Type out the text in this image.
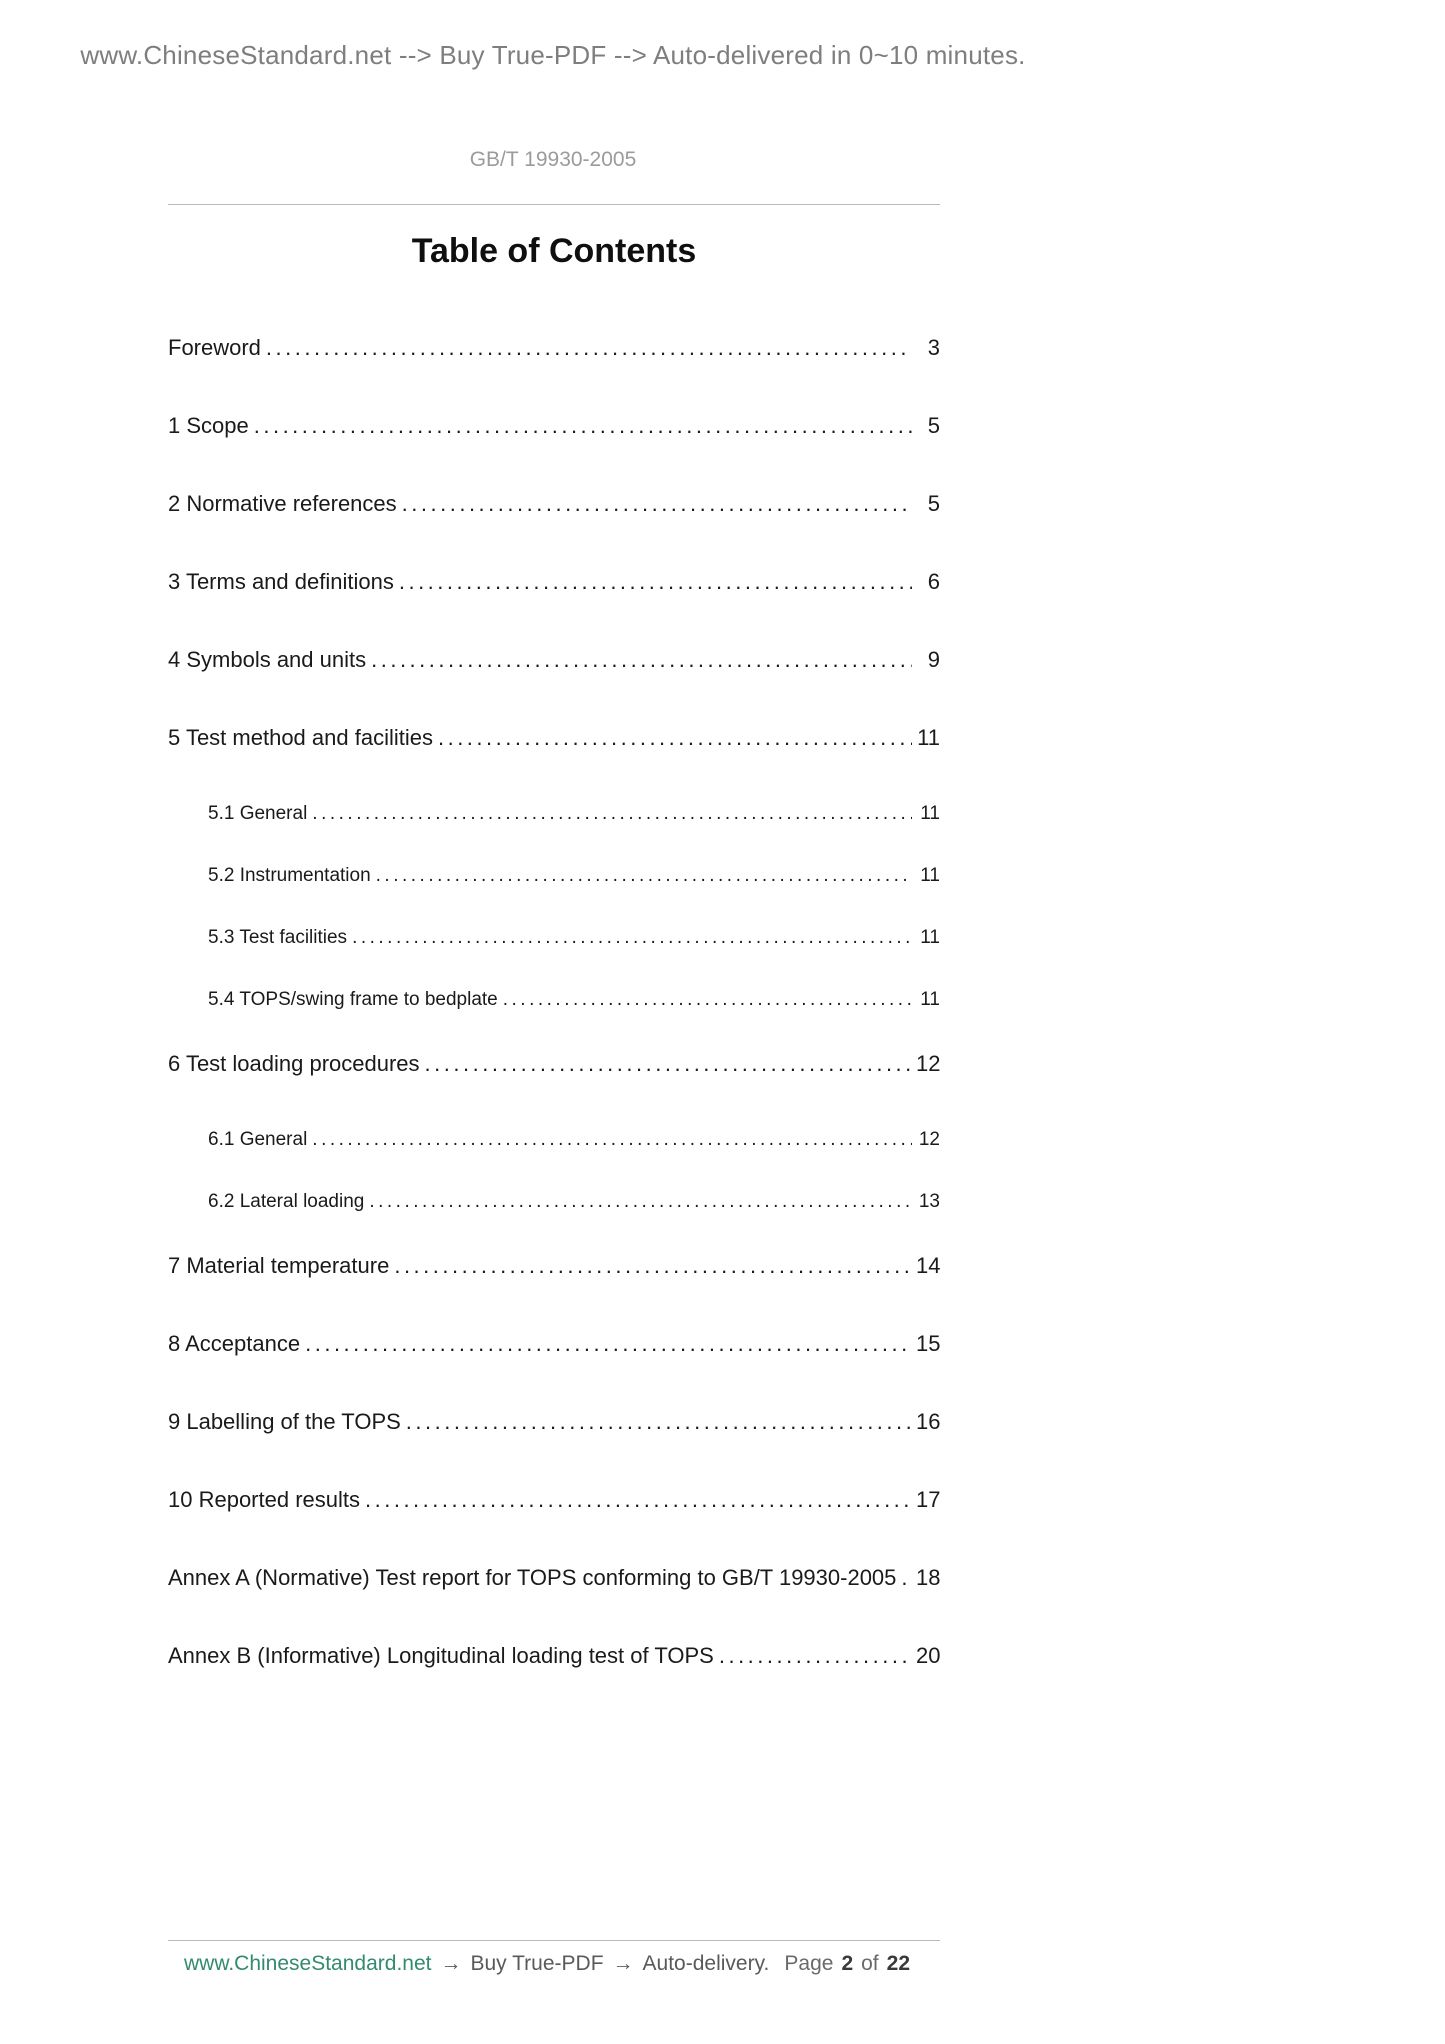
www.ChineseStandard.net --> Buy True-PDF --> Auto-delivered in 0~10 minutes.
GB/T 19930-2005
Table of Contents
Foreword .....	3
1 Scope .....	5
2 Normative references .....	5
3 Terms and definitions .....	6
4 Symbols and units .....	9
5 Test method and facilities .....	11
5.1 General .....	11
5.2 Instrumentation .....	11
5.3 Test facilities .....	11
5.4 TOPS/swing frame to bedplate .....	11
6 Test loading procedures .....	12
6.1 General .....	12
6.2 Lateral loading .....	13
7 Material temperature .....	14
8 Acceptance .....	15
9 Labelling of the TOPS .....	16
10 Reported results .....	17
Annex A (Normative) Test report for TOPS conforming to GB/T 19930-2005 ..... 18
Annex B (Informative) Longitudinal loading test of TOPS .....	20
www.ChineseStandard.net → Buy True-PDF → Auto-delivery. Page 2 of 22
